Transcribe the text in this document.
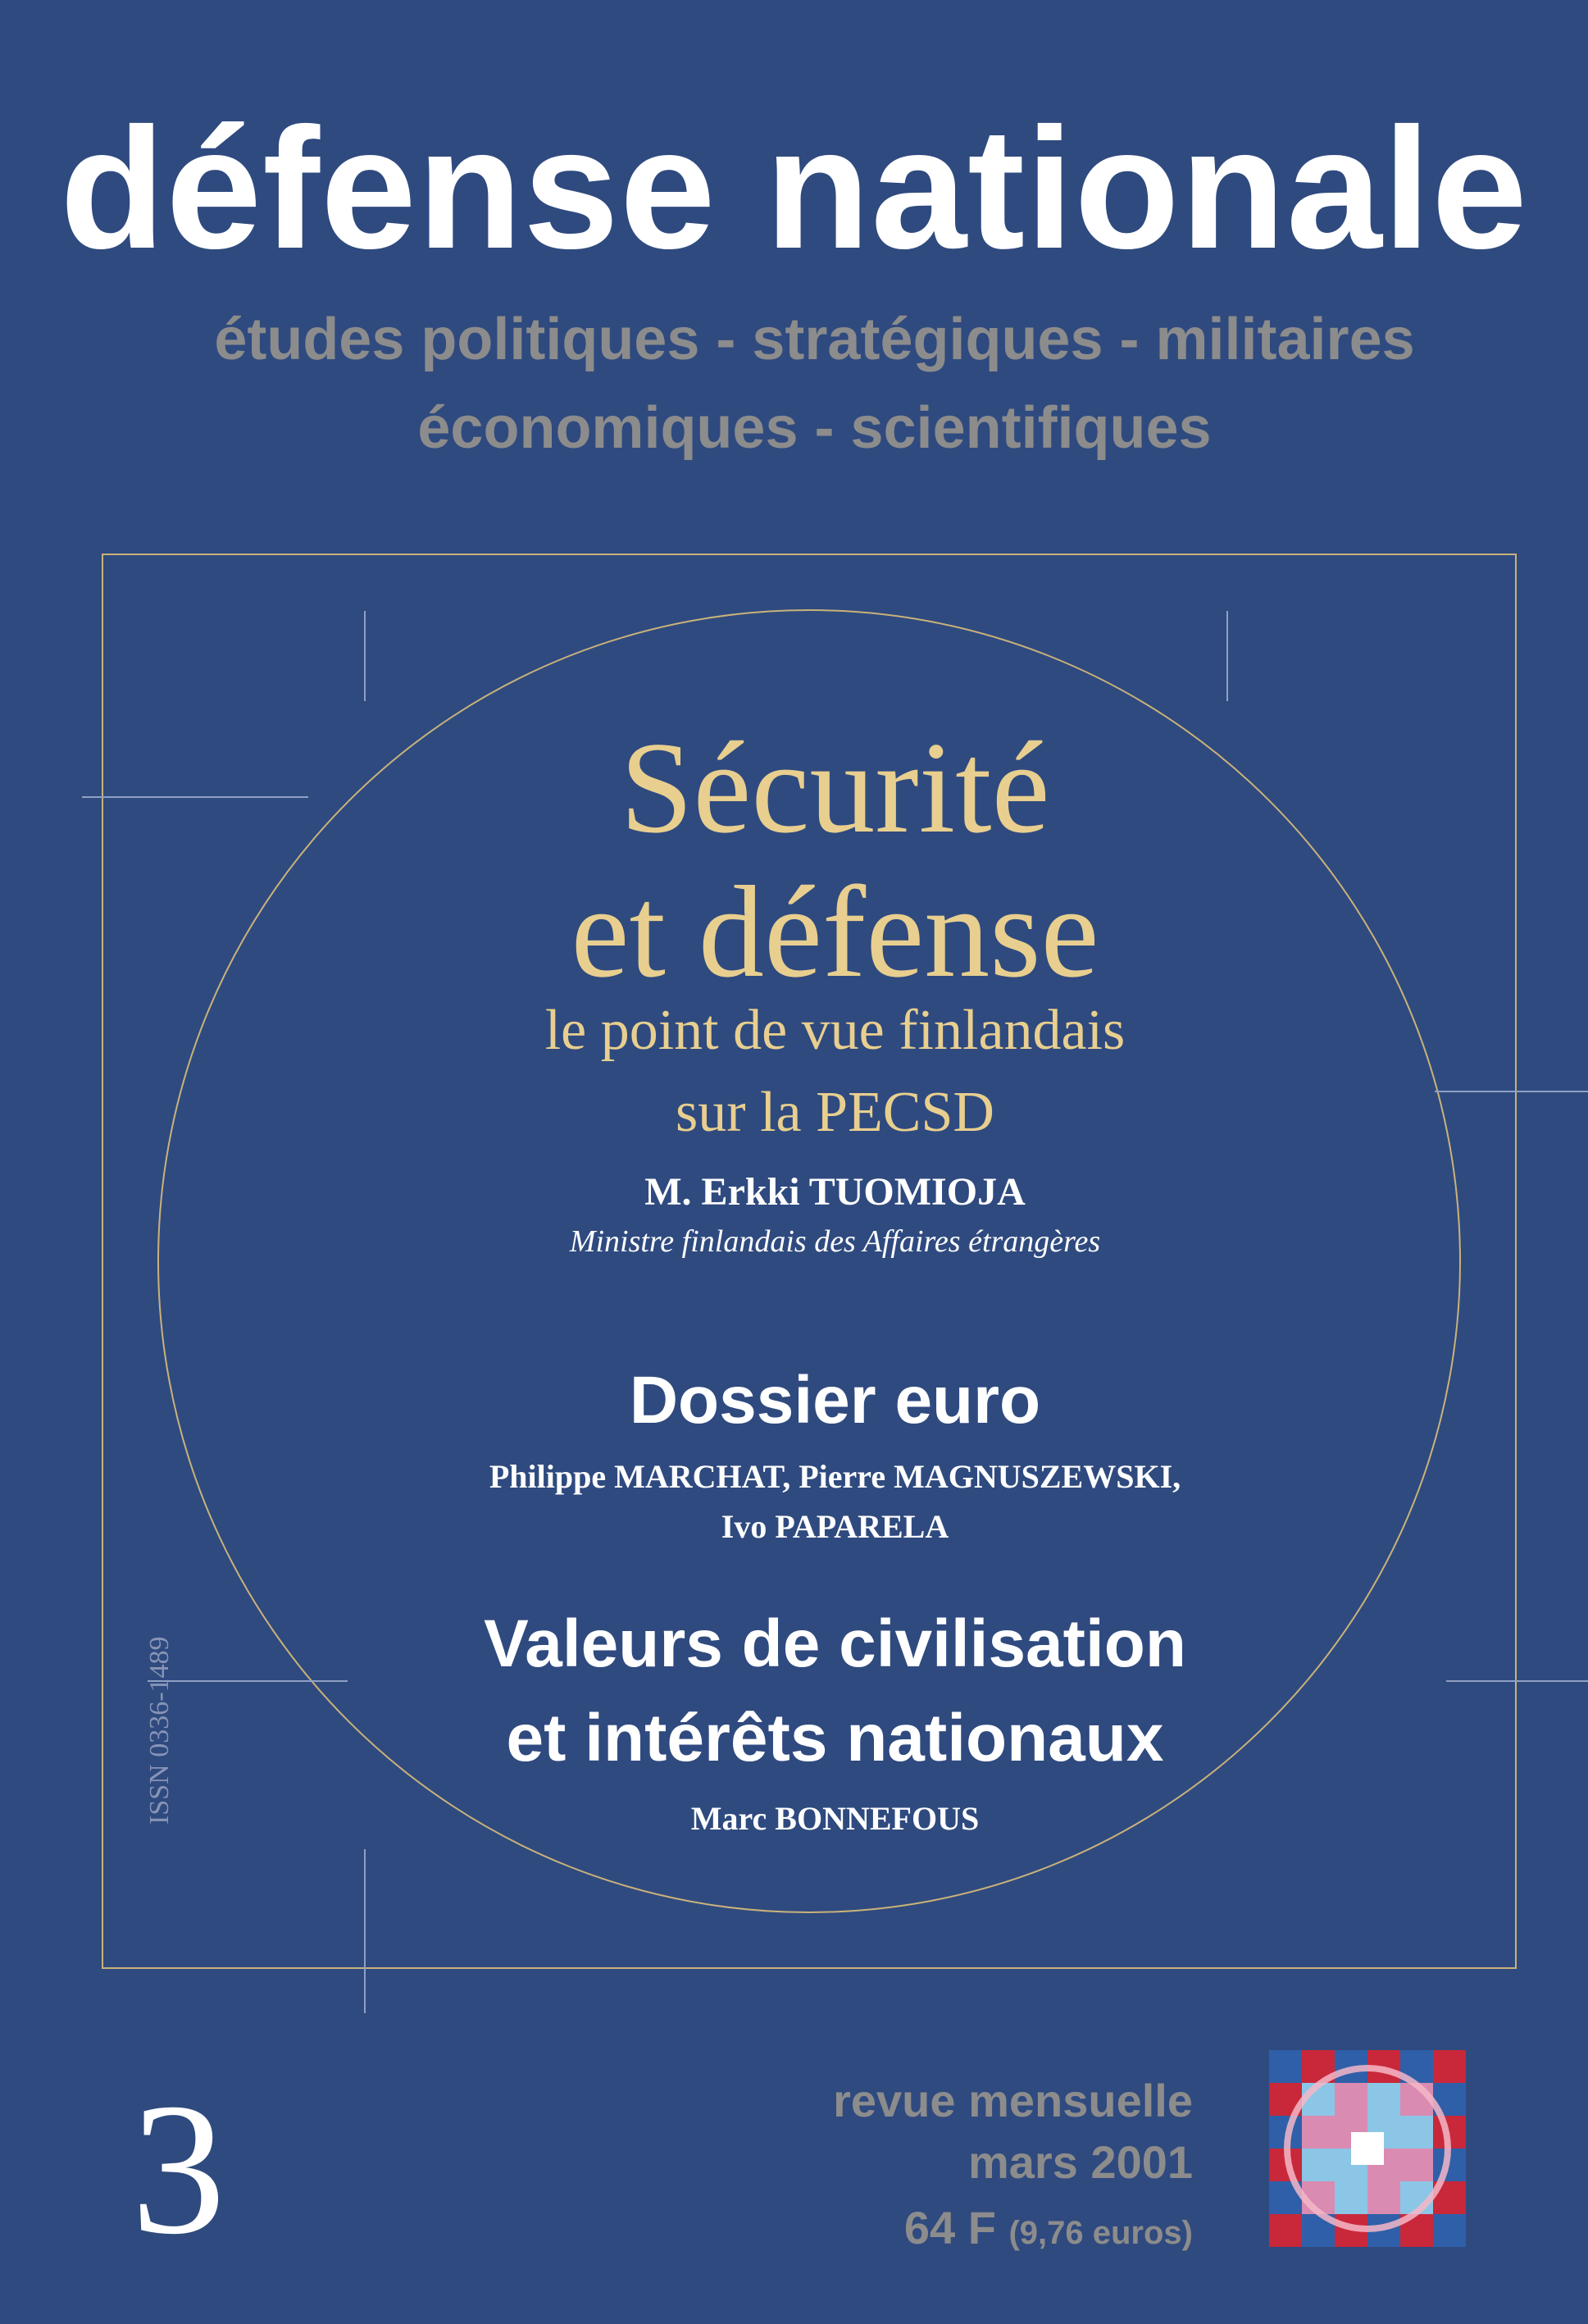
défense nationale
études politiques - stratégiques - militaires
économiques - scientifiques
Sécurité
et défense
le point de vue finlandais
sur la PECSD
M. Erkki TUOMIOJA
Ministre finlandais des Affaires étrangères
Dossier euro
Philippe MARCHAT, Pierre MAGNUSZEWSKI,
Ivo PAPARELA
Valeurs de civilisation
et intérêts nationaux
Marc BONNEFOUS
ISSN 0336-1489
3	revue mensuelle
mars 2001
64 F (9,76 euros)
